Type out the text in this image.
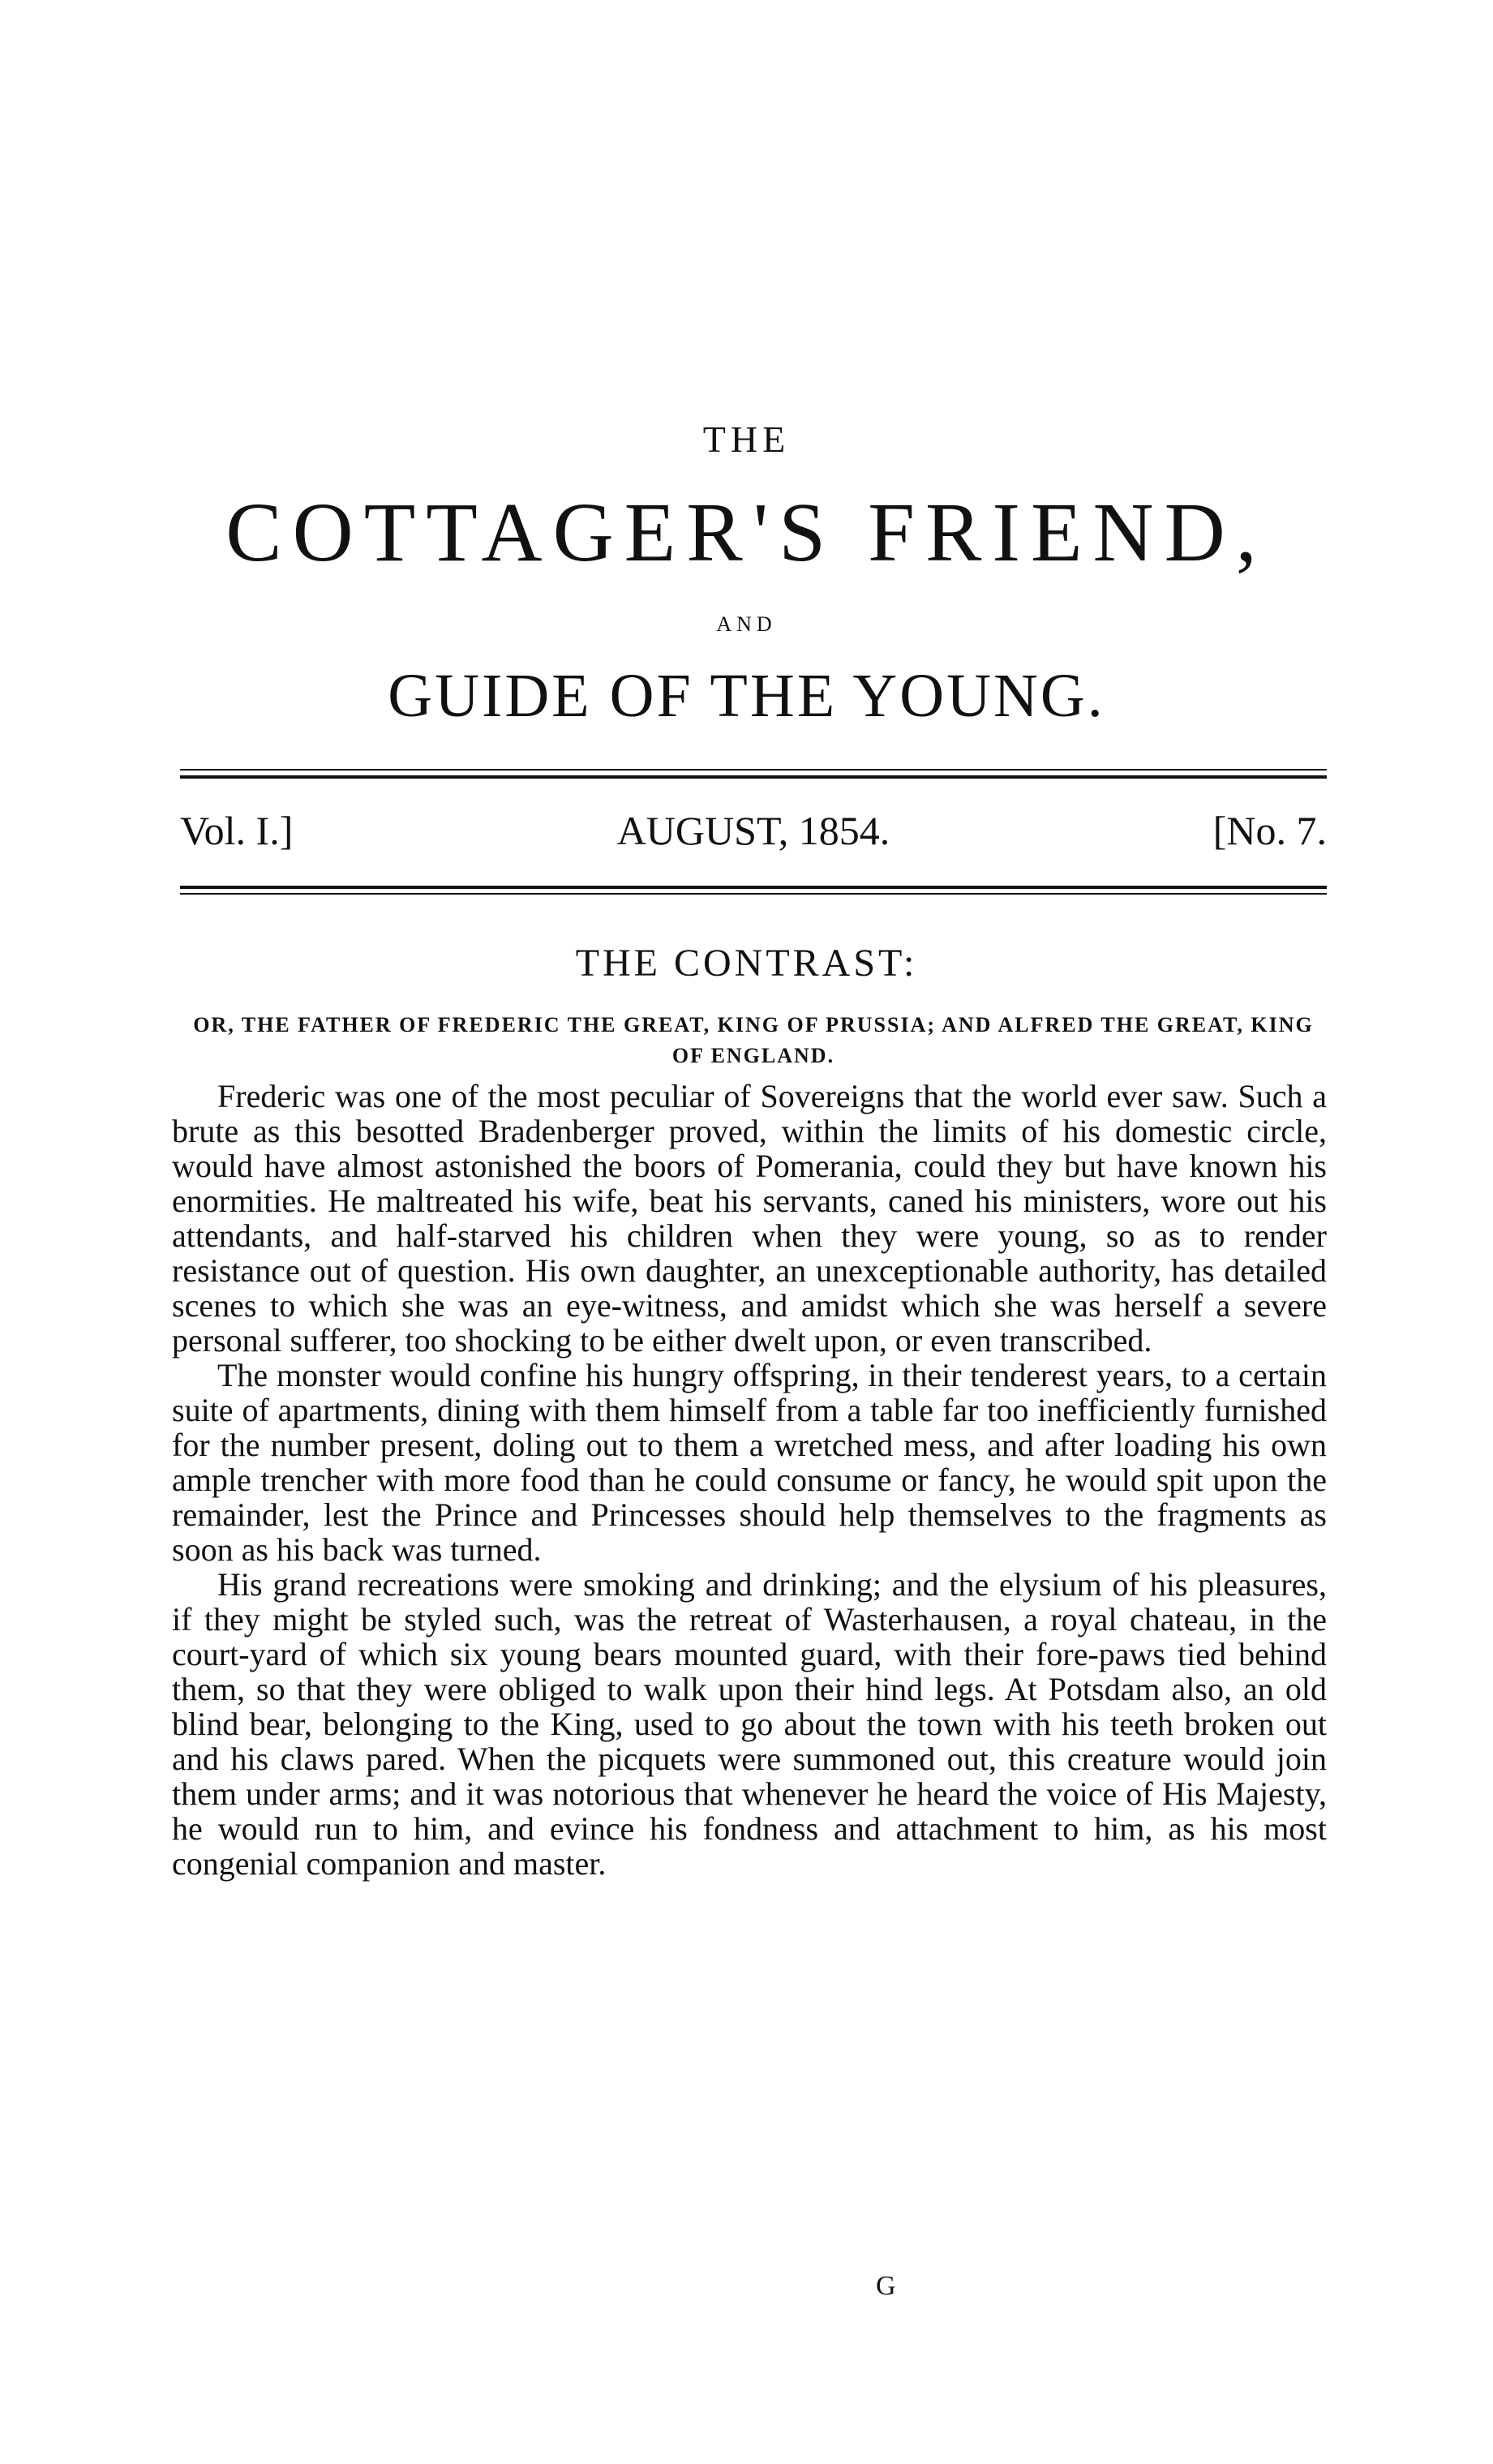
THE
COTTAGER'S FRIEND,
AND
GUIDE OF THE YOUNG.
Vol. I.]	AUGUST, 1854.	[No. 7.
THE CONTRAST:
OR, THE FATHER OF FREDERIC THE GREAT, KING OF PRUSSIA; AND ALFRED THE GREAT, KING OF ENGLAND.

Frederic was one of the most peculiar of Sovereigns that the world ever saw. Such a brute as this besotted Bradenberger proved, within the limits of his domestic circle, would have almost astonished the boors of Pomerania, could they but have known his enormities. He maltreated his wife, beat his servants, caned his ministers, wore out his attendants, and half-starved his children when they were young, so as to render resistance out of question. His own daughter, an unexceptionable authority, has detailed scenes to which she was an eye-witness, and amidst which she was herself a severe personal sufferer, too shocking to be either dwelt upon, or even transcribed.

The monster would confine his hungry offspring, in their tenderest years, to a certain suite of apartments, dining with them himself from a table far too inefficiently furnished for the number present, doling out to them a wretched mess, and after loading his own ample trencher with more food than he could consume or fancy, he would spit upon the remainder, lest the Prince and Princesses should help themselves to the fragments as soon as his back was turned.

His grand recreations were smoking and drinking; and the elysium of his pleasures, if they might be styled such, was the retreat of Wasterhausen, a royal chateau, in the court-yard of which six young bears mounted guard, with their fore-paws tied behind them, so that they were obliged to walk upon their hind legs. At Potsdam also, an old blind bear, belonging to the King, used to go about the town with his teeth broken out and his claws pared. When the picquets were summoned out, this creature would join them under arms; and it was notorious that whenever he heard the voice of His Majesty, he would run to him, and evince his fondness and attachment to him, as his most congenial companion and master.

G
